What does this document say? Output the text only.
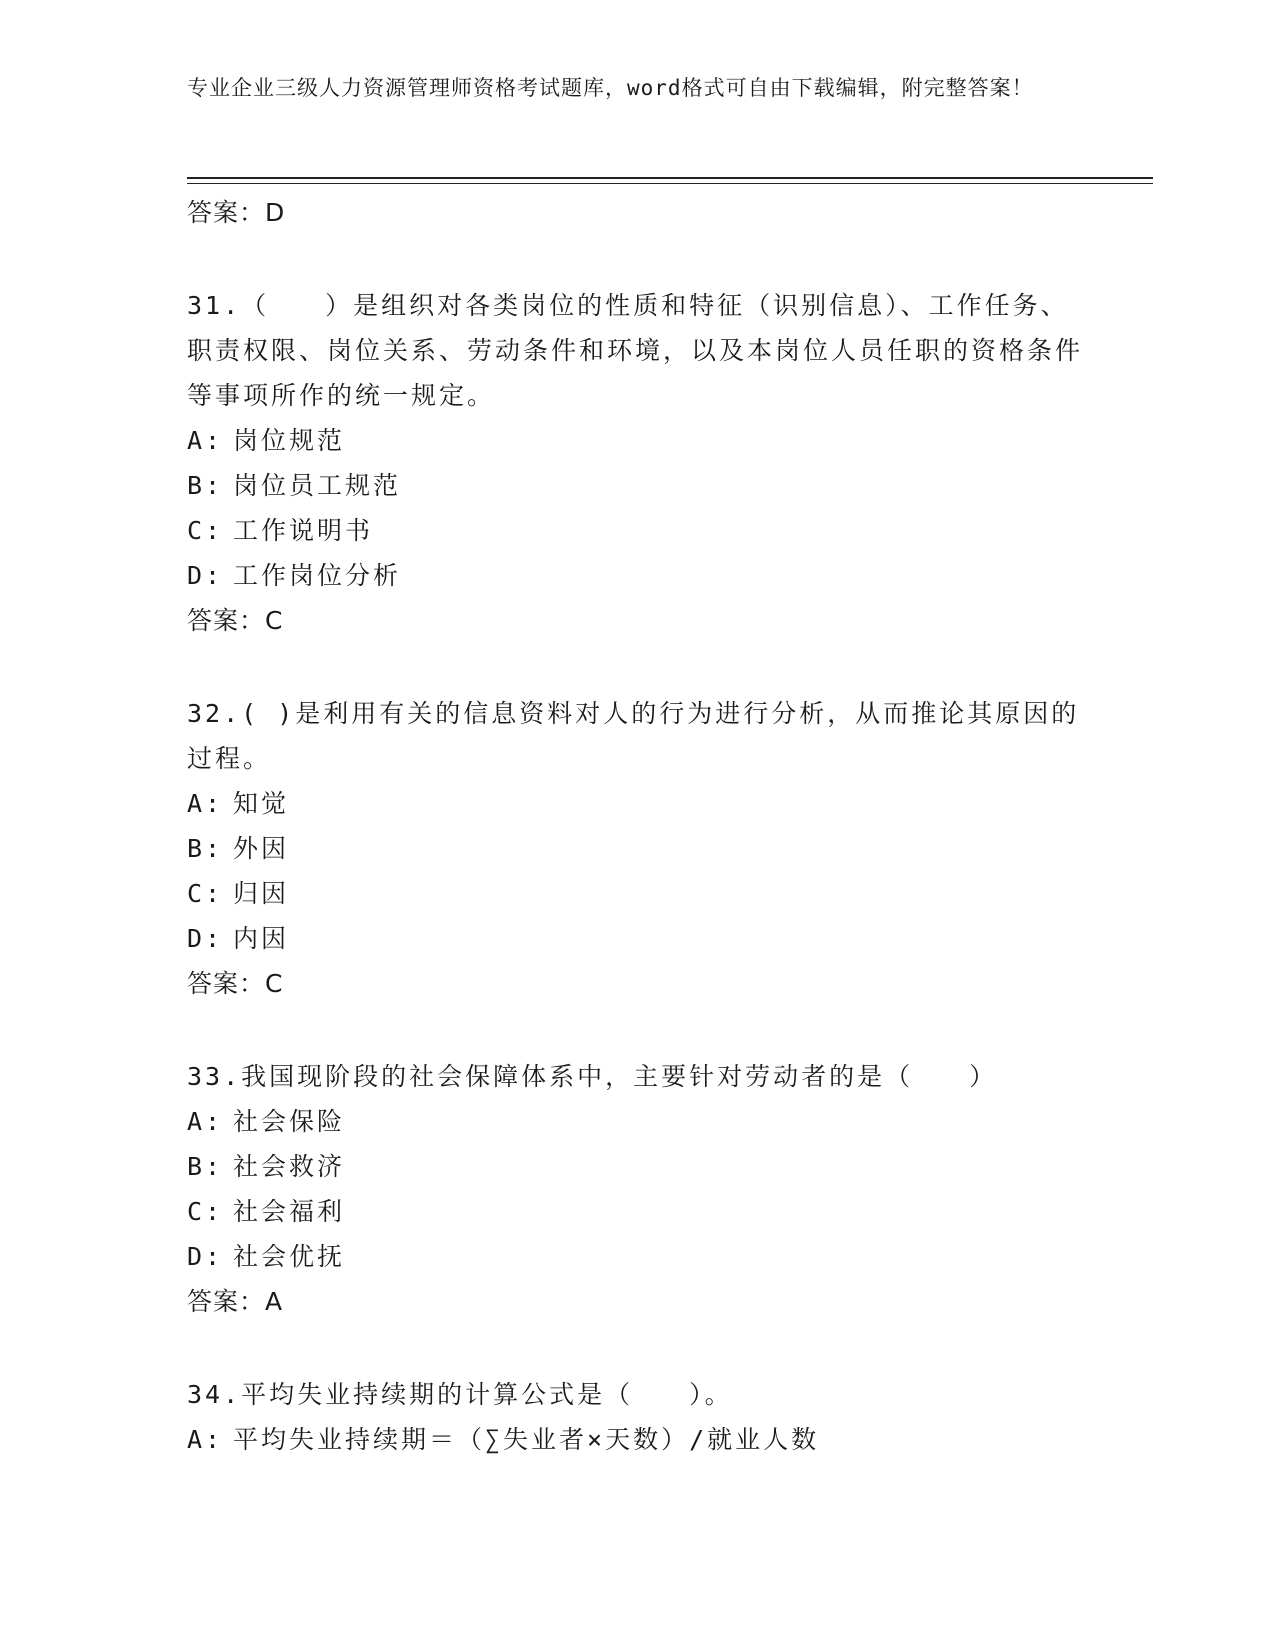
专业企业三级人力资源管理师资格考试题库，word格式可自由下载编辑，附完整答案！
答案：D
31.（　　）是组织对各类岗位的性质和特征（识别信息）、工作任务、职责权限、岗位关系、劳动条件和环境，以及本岗位人员任职的资格条件等事项所作的统一规定。
A: 岗位规范
B: 岗位员工规范
C: 工作说明书
D: 工作岗位分析
答案：C
32.( )是利用有关的信息资料对人的行为进行分析，从而推论其原因的过程。
A: 知觉
B: 外因
C: 归因
D: 内因
答案：C
33.我国现阶段的社会保障体系中，主要针对劳动者的是（　　）
A: 社会保险
B: 社会救济
C: 社会福利
D: 社会优抚
答案：A
34.平均失业持续期的计算公式是（　　）。
A: 平均失业持续期＝（∑失业者×天数）/就业人数
